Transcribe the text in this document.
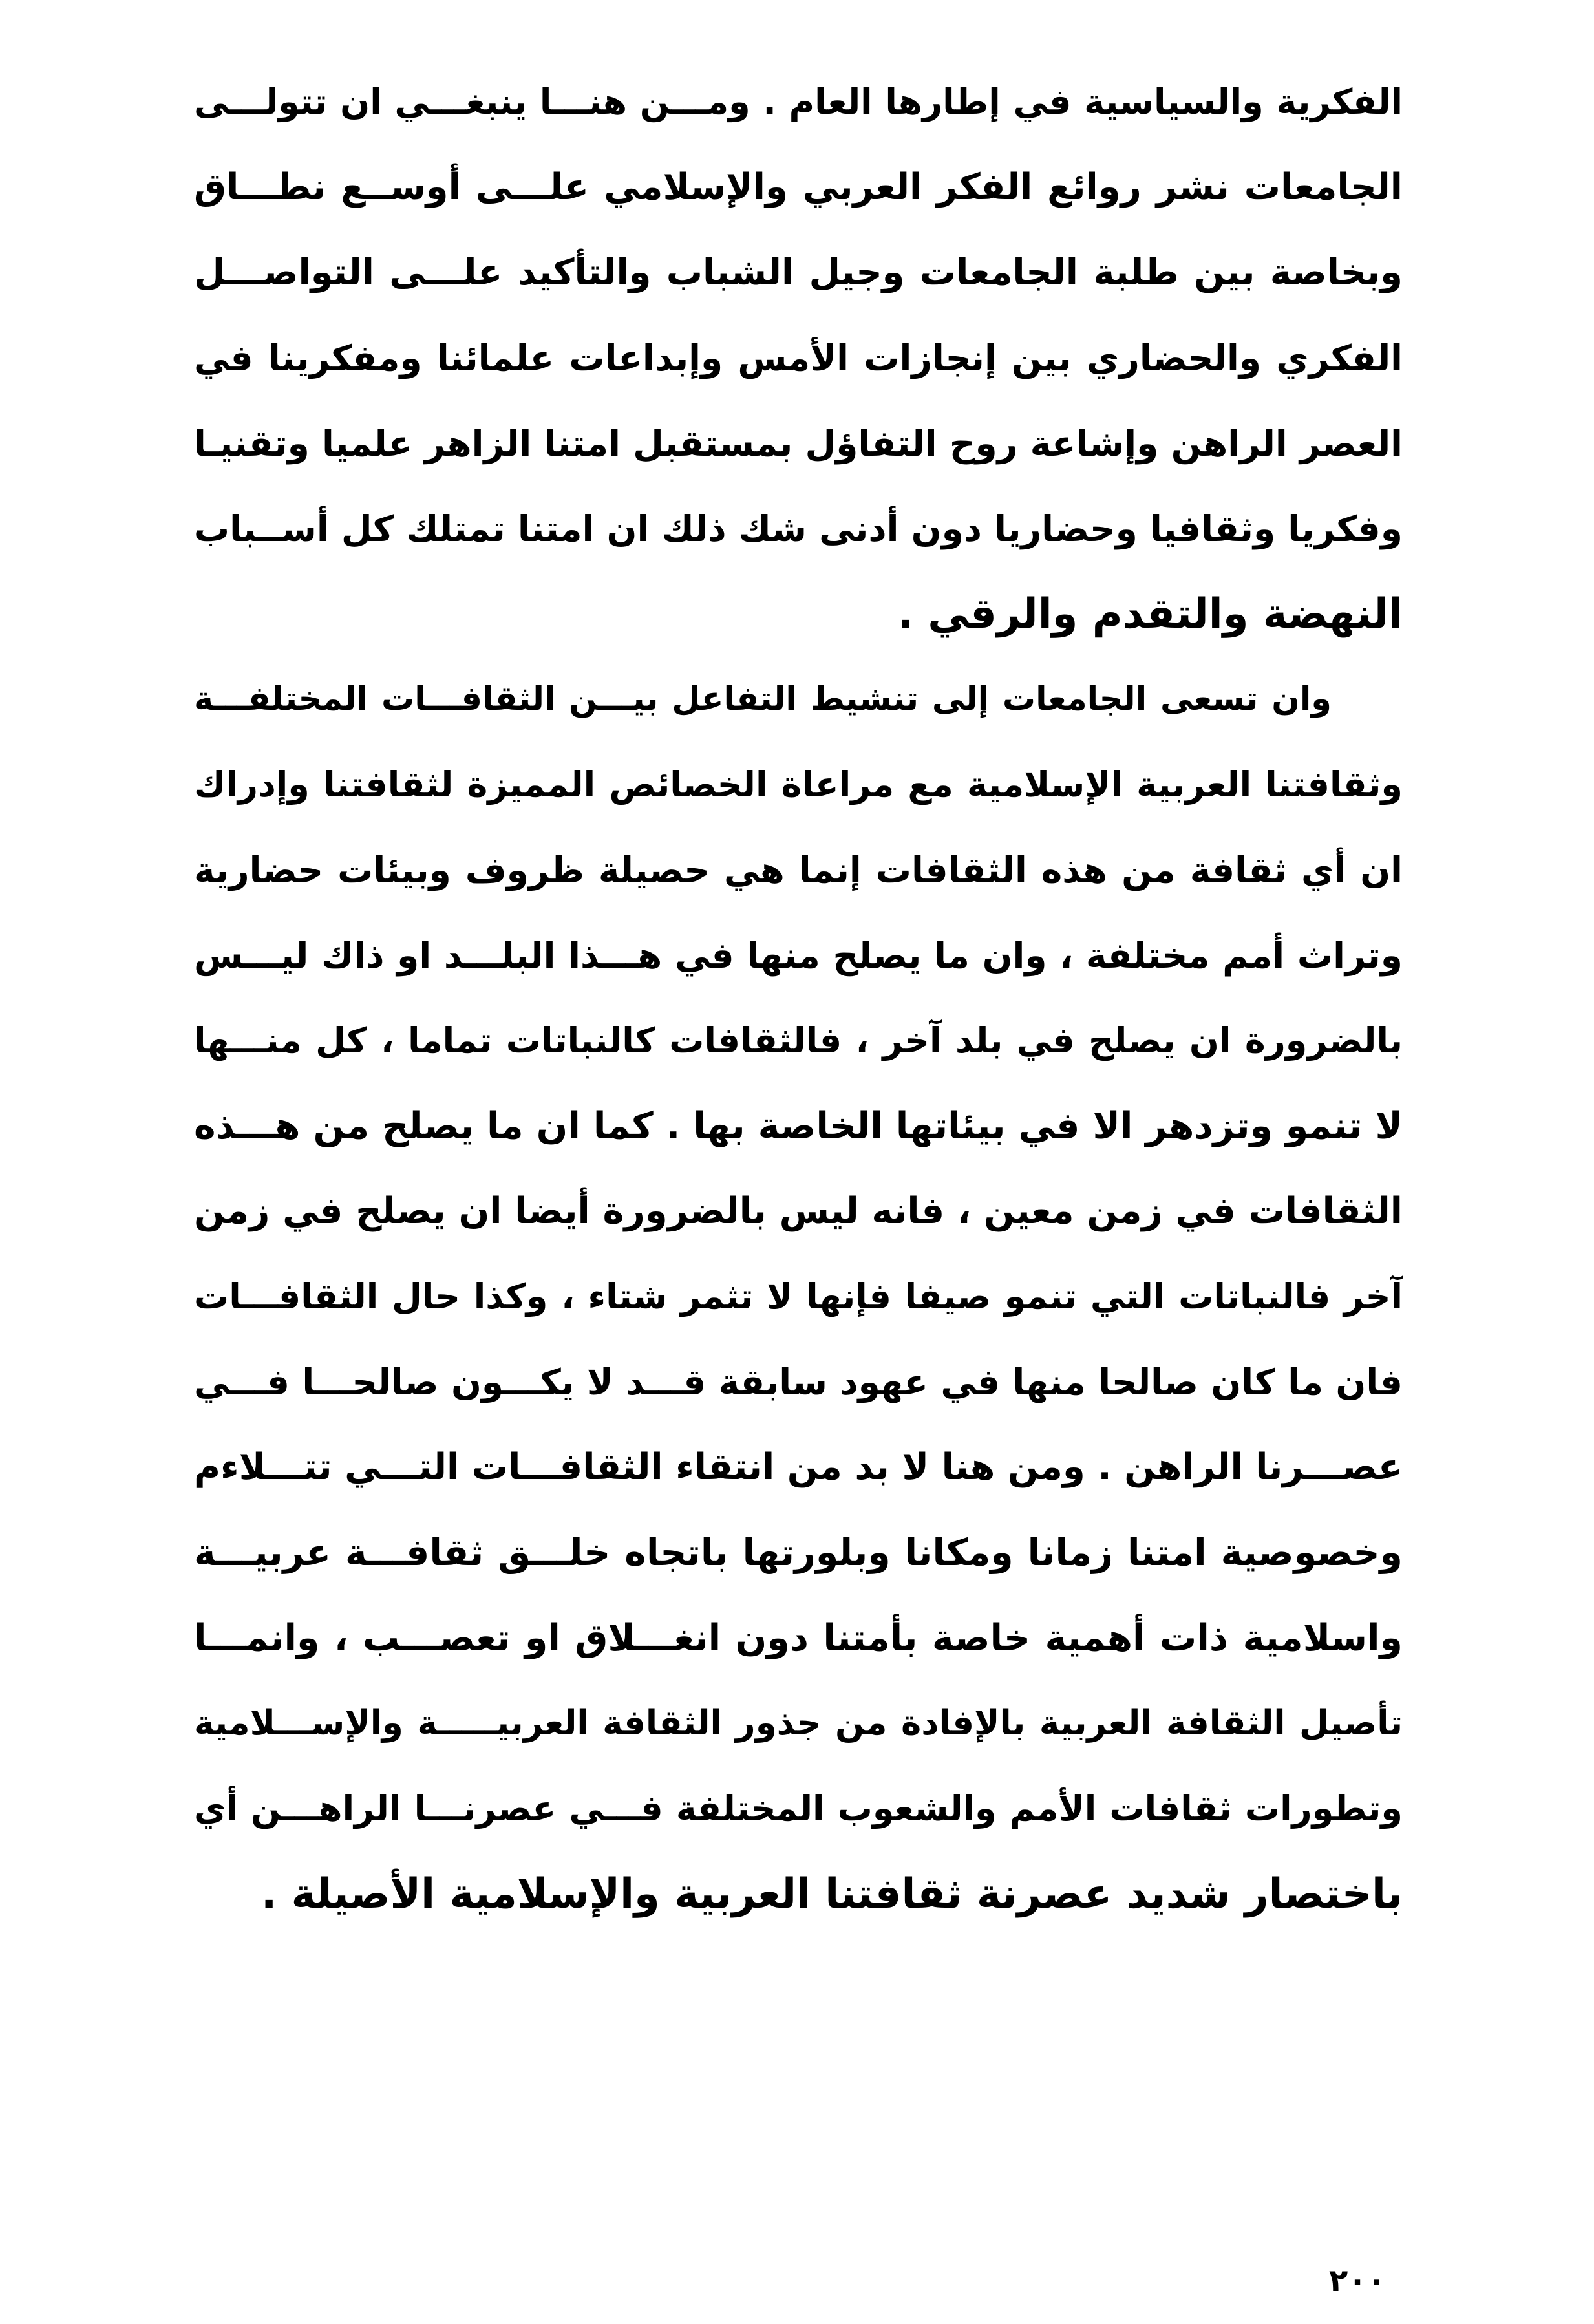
الفكرية والسياسية في إطارها العام . ومـــن هنـــا ينبغـــي ان تتولـــى
الجامعات نشر روائع الفكر العربي والإسلامي علـــى أوســع نطـــاق
وبخاصة بين طلبة الجامعات وجيل الشباب والتأكيد علـــى التواصـــل
الفكري والحضاري بين إنجازات الأمس وإبداعات علمائنا ومفكرينا في
العصر الراهن وإشاعة روح التفاؤل بمستقبل امتنا الزاهر علميا وتقنيـا
وفكريا وثقافيا وحضاريا دون أدنى شك ذلك ان امتنا تمتلك كل أســباب
النهضة والتقدم والرقي .
وان تسعى الجامعات إلى تنشيط التفاعل بيـــن الثقافـــات المختلفـــة
وثقافتنا العربية الإسلامية مع مراعاة الخصائص المميزة لثقافتنا وإدراك
ان أي ثقافة من هذه الثقافات إنما هي حصيلة ظروف وبيئات حضارية
وتراث أمم مختلفة ، وان ما يصلح منها في هـــذا البلـــد او ذاك ليـــس
بالضرورة ان يصلح في بلد آخر ، فالثقافات كالنباتات تماما ، كل منـــها
لا تنمو وتزدهر الا في بيئاتها الخاصة بها . كما ان ما يصلح من هـــذه
الثقافات في زمن معين ، فانه ليس بالضرورة أيضا ان يصلح في زمن
آخر فالنباتات التي تنمو صيفا فإنها لا تثمر شتاء ، وكذا حال الثقافـــات
فان ما كان صالحا منها في عهود سابقة قـــد لا يكـــون صالحـــا فـــي
عصـــرنا الراهن . ومن هنا لا بد من انتقاء الثقافـــات التـــي تتـــلاءم
وخصوصية امتنا زمانا ومكانا وبلورتها باتجاه خلـــق ثقافـــة عربيـــة
واسلامية ذات أهمية خاصة بأمتنا دون انغـــلاق او تعصـــب ، وانمـــا
تأصيل الثقافة العربية بالإفادة من جذور الثقافة العربيـــــة والإســـلامية
وتطورات ثقافات الأمم والشعوب المختلفة فـــي عصرنـــا الراهـــن أي
باختصار شديد عصرنة ثقافتنا العربية والإسلامية الأصيلة .
٢٠٠
